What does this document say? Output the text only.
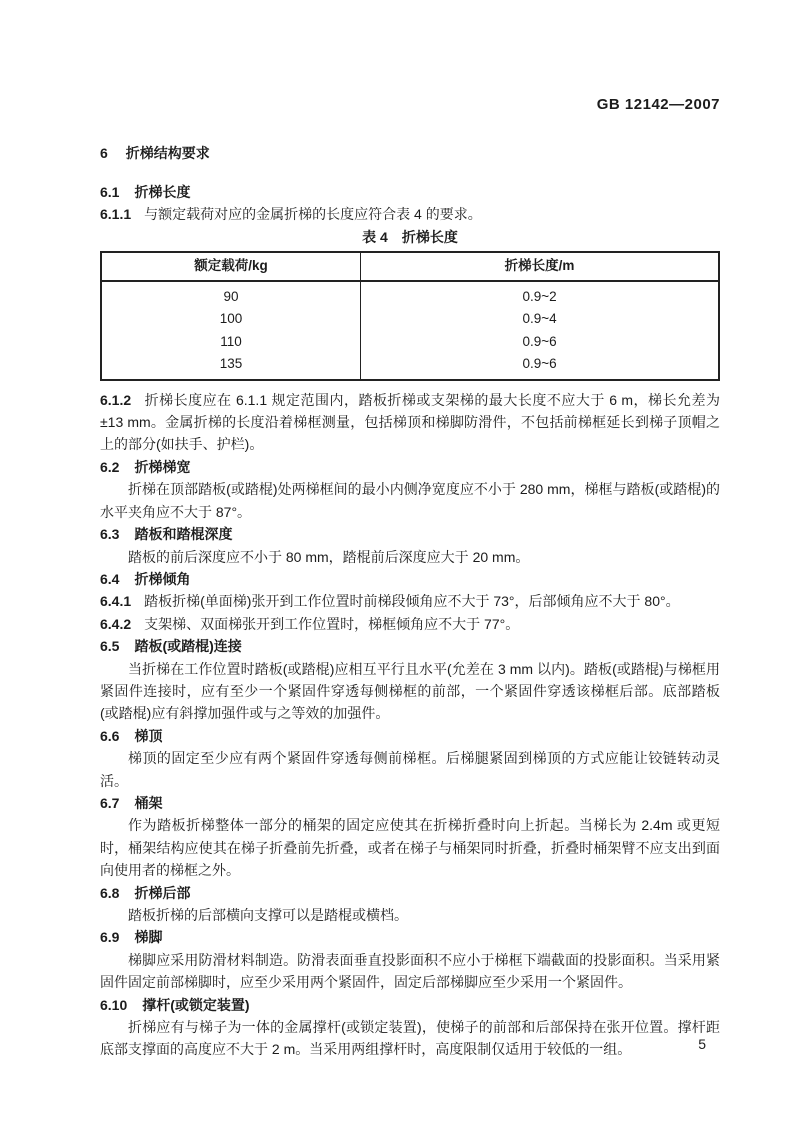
GB 12142—2007
6 折梯结构要求
6.1 折梯长度

6.1.1 与额定载荷对应的金属折梯的长度应符合表 4 的要求。

表 4 折梯长度
额定载荷/kg	折梯长度/m
90	0.9~2
100	0.9~4
110	0.9~6
135	0.9~6

6.1.2 折梯长度应在 6.1.1 规定范围内，踏板折梯或支架梯的最大长度不应大于 6 m，梯长允差为 ±13 mm。金属折梯的长度沿着梯框测量，包括梯顶和梯脚防滑件，不包括前梯框延长到梯子顶帽之上的部分(如扶手、护栏)。

6.2 折梯梯宽

折梯在顶部踏板(或踏棍)处两梯框间的最小内侧净宽度应不小于 280 mm，梯框与踏板(或踏棍)的水平夹角应不大于 87°。

6.3 踏板和踏棍深度

踏板的前后深度应不小于 80 mm，踏棍前后深度应大于 20 mm。

6.4 折梯倾角

6.4.1 踏板折梯(单面梯)张开到工作位置时前梯段倾角应不大于 73°，后部倾角应不大于 80°。

6.4.2 支架梯、双面梯张开到工作位置时，梯框倾角应不大于 77°。

6.5 踏板(或踏棍)连接

当折梯在工作位置时踏板(或踏棍)应相互平行且水平(允差在 3 mm 以内)。踏板(或踏棍)与梯框用紧固件连接时，应有至少一个紧固件穿透每侧梯框的前部，一个紧固件穿透该梯框后部。底部踏板(或踏棍)应有斜撑加强件或与之等效的加强件。

6.6 梯顶

梯顶的固定至少应有两个紧固件穿透每侧前梯框。后梯腿紧固到梯顶的方式应能让铰链转动灵活。

6.7 桶架

作为踏板折梯整体一部分的桶架的固定应使其在折梯折叠时向上折起。当梯长为 2.4m 或更短时，桶架结构应使其在梯子折叠前先折叠，或者在梯子与桶架同时折叠，折叠时桶架臂不应支出到面向使用者的梯框之外。

6.8 折梯后部

踏板折梯的后部横向支撑可以是踏棍或横档。

6.9 梯脚

梯脚应采用防滑材料制造。防滑表面垂直投影面积不应小于梯框下端截面的投影面积。当采用紧固件固定前部梯脚时，应至少采用两个紧固件，固定后部梯脚应至少采用一个紧固件。

6.10 撑杆(或锁定装置)

折梯应有与梯子为一体的金属撑杆(或锁定装置)，使梯子的前部和后部保持在张开位置。撑杆距底部支撑面的高度应不大于 2 m。当采用两组撑杆时，高度限制仅适用于较低的一组。	5
